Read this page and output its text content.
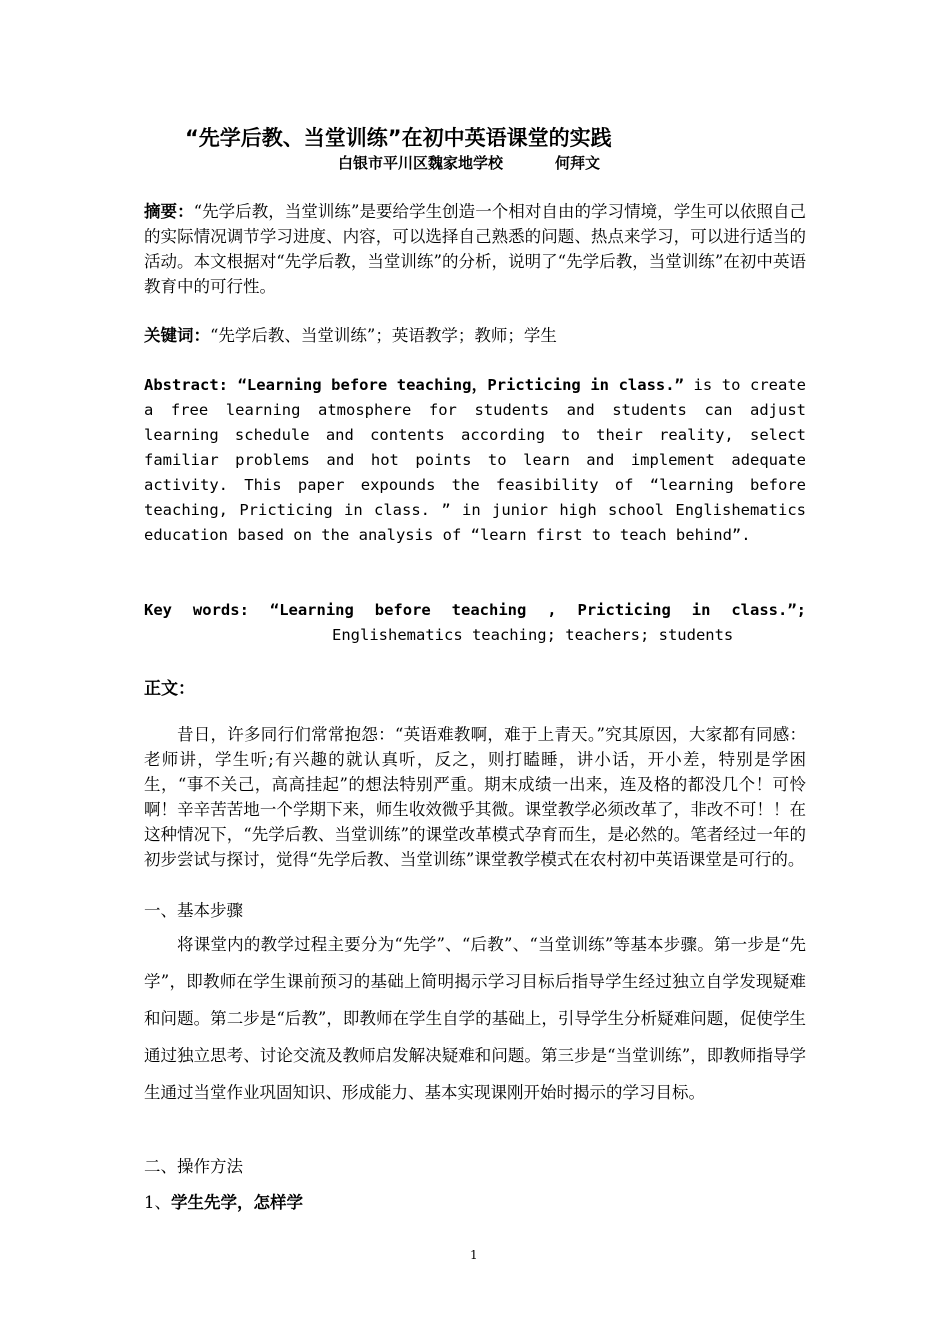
“先学后教、当堂训练”在初中英语课堂的实践
白银市平川区魏家地学校	何拜文
摘要：“先学后教，当堂训练”是要给学生创造一个相对自由的学习情境，学生可以依照自己的实际情况调节学习进度、内容，可以选择自己熟悉的问题、热点来学习，可以进行适当的活动。本文根据对“先学后教，当堂训练”的分析，说明了“先学后教，当堂训练”在初中英语教育中的可行性。
关键词：“先学后教、当堂训练”；英语教学；教师；学生
Abstract: “Learning before teaching，Pricticing in class.” is to create a free learning atmosphere for students and students can adjust learning schedule and contents according to their reality, select familiar problems and hot points to learn and implement adequate activity. This paper expounds the feasibility of “learning before teaching, Pricticing in class. ” in junior high school Englishematics education based on the analysis of “learn first to teach behind”.
Key words: “Learning before teaching , Pricticing in class.”;
Englishematics teaching; teachers; students
正文：
昔日，许多同行们常常抱怨：“英语难教啊，难于上青天。”究其原因，大家都有同感：老师讲，学生听;有兴趣的就认真听，反之，则打瞌睡，讲小话，开小差，特别是学困生，“事不关己，高高挂起”的想法特别严重。期末成绩一出来，连及格的都没几个！可怜啊！辛辛苦苦地一个学期下来，师生收效微乎其微。课堂教学必须改革了，非改不可！！在这种情况下，“先学后教、当堂训练”的课堂改革模式孕育而生，是必然的。笔者经过一年的初步尝试与探讨，觉得“先学后教、当堂训练”课堂教学模式在农村初中英语课堂是可行的。
一、基本步骤
将课堂内的教学过程主要分为“先学”、“后教”、“当堂训练”等基本步骤。第一步是“先学”，即教师在学生课前预习的基础上简明揭示学习目标后指导学生经过独立自学发现疑难和问题。第二步是“后教”，即教师在学生自学的基础上，引导学生分析疑难问题，促使学生通过独立思考、讨论交流及教师启发解决疑难和问题。第三步是“当堂训练”，即教师指导学生通过当堂作业巩固知识、形成能力、基本实现课刚开始时揭示的学习目标。
二、操作方法
1、学生先学，怎样学
1
